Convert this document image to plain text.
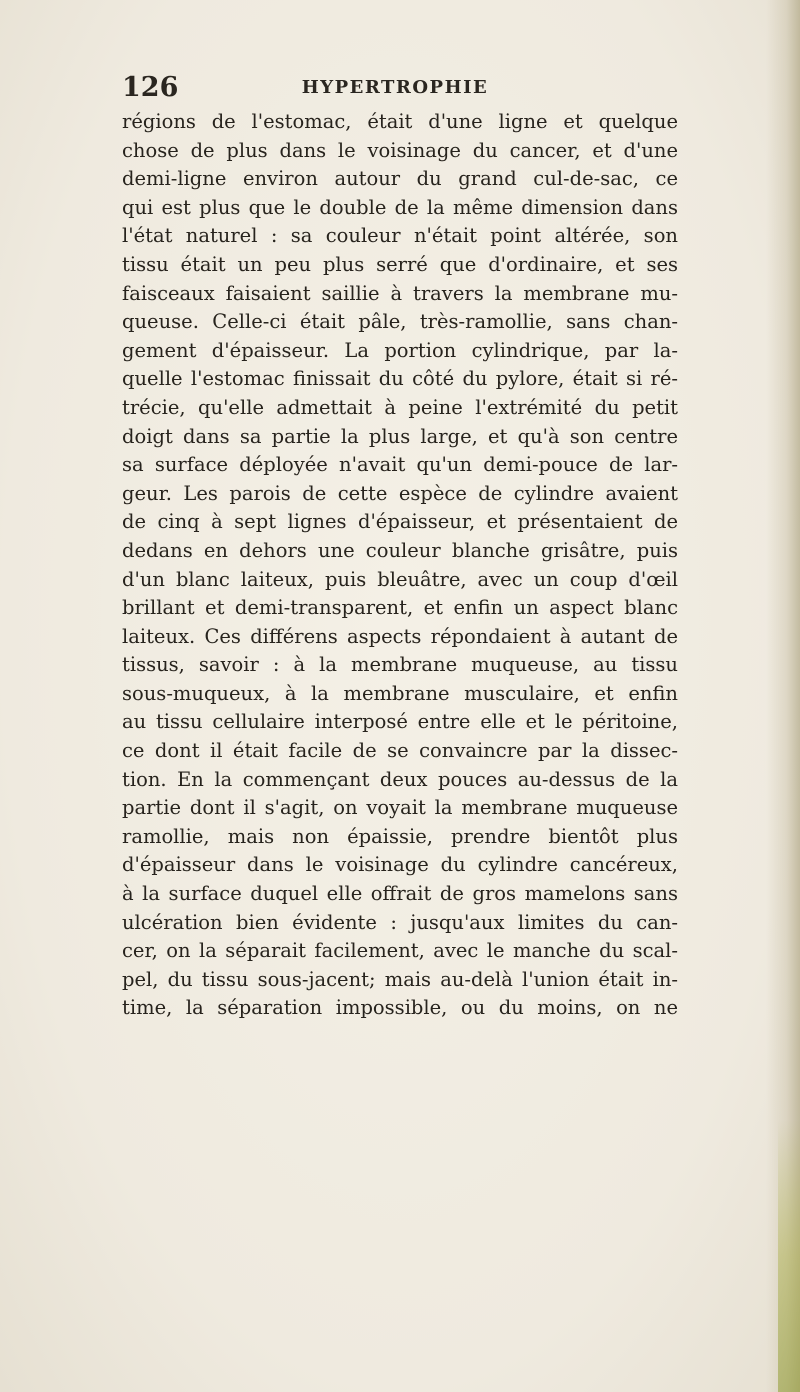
126	HYPERTROPHIE
régions de l'estomac, était d'une ligne et quelque
chose de plus dans le voisinage du cancer, et d'une
demi-ligne environ autour du grand cul-de-sac, ce
qui est plus que le double de la même dimension dans
l'état naturel : sa couleur n'était point altérée, son
tissu était un peu plus serré que d'ordinaire, et ses
faisceaux faisaient saillie à travers la membrane mu-
queuse. Celle-ci était pâle, très-ramollie, sans chan-
gement d'épaisseur. La portion cylindrique, par la-
quelle l'estomac finissait du côté du pylore, était si ré-
trécie, qu'elle admettait à peine l'extrémité du petit
doigt dans sa partie la plus large, et qu'à son centre
sa surface déployée n'avait qu'un demi-pouce de lar-
geur. Les parois de cette espèce de cylindre avaient
de cinq à sept lignes d'épaisseur, et présentaient de
dedans en dehors une couleur blanche grisâtre, puis
d'un blanc laiteux, puis bleuâtre, avec un coup d'œil
brillant et demi-transparent, et enfin un aspect blanc
laiteux. Ces différens aspects répondaient à autant de
tissus, savoir : à la membrane muqueuse, au tissu
sous-muqueux, à la membrane musculaire, et enfin
au tissu cellulaire interposé entre elle et le péritoine,
ce dont il était facile de se convaincre par la dissec-
tion. En la commençant deux pouces au-dessus de la
partie dont il s'agit, on voyait la membrane muqueuse
ramollie, mais non épaissie, prendre bientôt plus
d'épaisseur dans le voisinage du cylindre cancéreux,
à la surface duquel elle offrait de gros mamelons sans
ulcération bien évidente : jusqu'aux limites du can-
cer, on la séparait facilement, avec le manche du scal-
pel, du tissu sous-jacent; mais au-delà l'union était in-
time, la séparation impossible, ou du moins, on ne
